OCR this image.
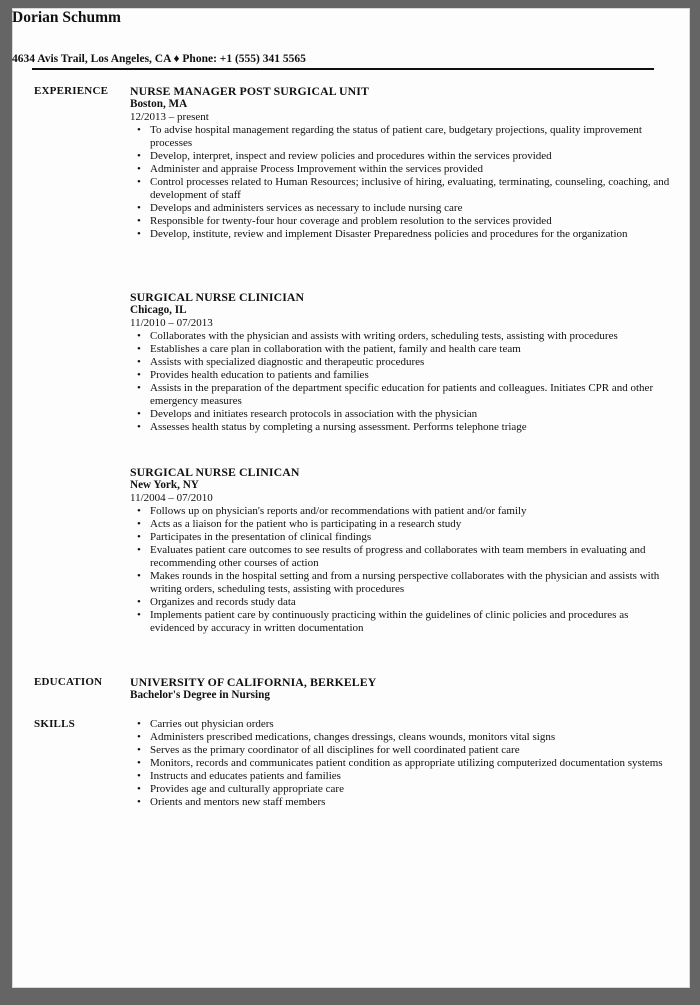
Dorian Schumm
4634 Avis Trail, Los Angeles, CA ♦ Phone: +1 (555) 341 5565
EXPERIENCE NURSE MANAGER POST SURGICAL UNIT
Boston, MA
12/2013 – present
• To advise hospital management regarding the status of patient care, budgetary projections, quality improvement processes
• Develop, interpret, inspect and review policies and procedures within the services provided
• Administer and appraise Process Improvement within the services provided
• Control processes related to Human Resources; inclusive of hiring, evaluating, terminating, counseling, coaching, and development of staff
• Develops and administers services as necessary to include nursing care
• Responsible for twenty-four hour coverage and problem resolution to the services provided
• Develop, institute, review and implement Disaster Preparedness policies and procedures for the organization
SURGICAL NURSE CLINICIAN
Chicago, IL
11/2010 – 07/2013
• Collaborates with the physician and assists with writing orders, scheduling tests, assisting with procedures
• Establishes a care plan in collaboration with the patient, family and health care team
• Assists with specialized diagnostic and therapeutic procedures
• Provides health education to patients and families
• Assists in the preparation of the department specific education for patients and colleagues. Initiates CPR and other emergency measures
• Develops and initiates research protocols in association with the physician
• Assesses health status by completing a nursing assessment. Performs telephone triage
SURGICAL NURSE CLINICAN
New York, NY
11/2004 – 07/2010
• Follows up on physician's reports and/or recommendations with patient and/or family
• Acts as a liaison for the patient who is participating in a research study
• Participates in the presentation of clinical findings
• Evaluates patient care outcomes to see results of progress and collaborates with team members in evaluating and recommending other courses of action
• Makes rounds in the hospital setting and from a nursing perspective collaborates with the physician and assists with writing orders, scheduling tests, assisting with procedures
• Organizes and records study data
• Implements patient care by continuously practicing within the guidelines of clinic policies and procedures as evidenced by accuracy in written documentation
EDUCATION UNIVERSITY OF CALIFORNIA, BERKELEY
Bachelor's Degree in Nursing
SKILLS
•	Carries out physician orders
• Administers prescribed medications, changes dressings, cleans wounds, monitors vital signs
• Serves as the primary coordinator of all disciplines for well coordinated patient care
• Monitors, records and communicates patient condition as appropriate utilizing computerized documentation systems
• Instructs and educates patients and families
• Provides age and culturally appropriate care
• Orients and mentors new staff members
